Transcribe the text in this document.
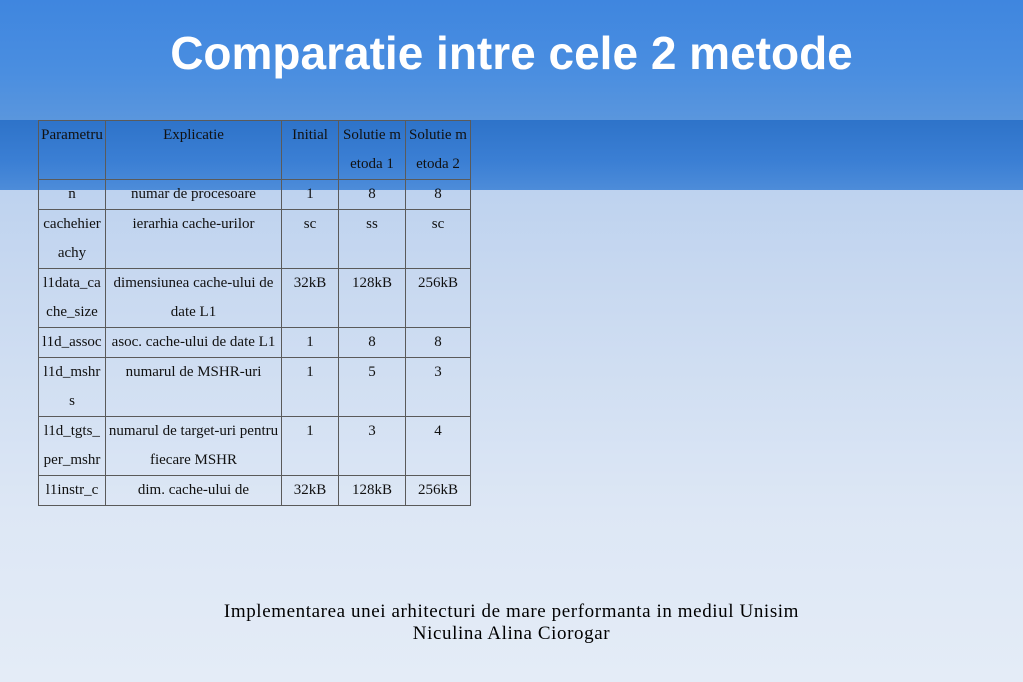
Comparatie intre cele 2 metode
Parametru	Explicatie	Initial	Solutie metoda 1	Solutie metoda 2
n	numar de procesoare	1	8	8
cachehierachy	ierarhia cache-urilor	sc	ss	sc
l1data_cache_size	dimensiunea cache-ului de date L1	32kB	128kB	256kB
l1d_assoc	asoc. cache-ului de date L1	1	8	8
l1d_mshrs	numarul de MSHR-uri	1	5	3
l1d_tgts_per_mshr	numarul de target-uri pentru fiecare MSHR	1	3	4
l1instr_c	dim. cache-ului de	32kB	128kB	256kB
Implementarea unei arhitecturi de mare performanta in mediul Unisim
Niculina Alina Ciorogar
